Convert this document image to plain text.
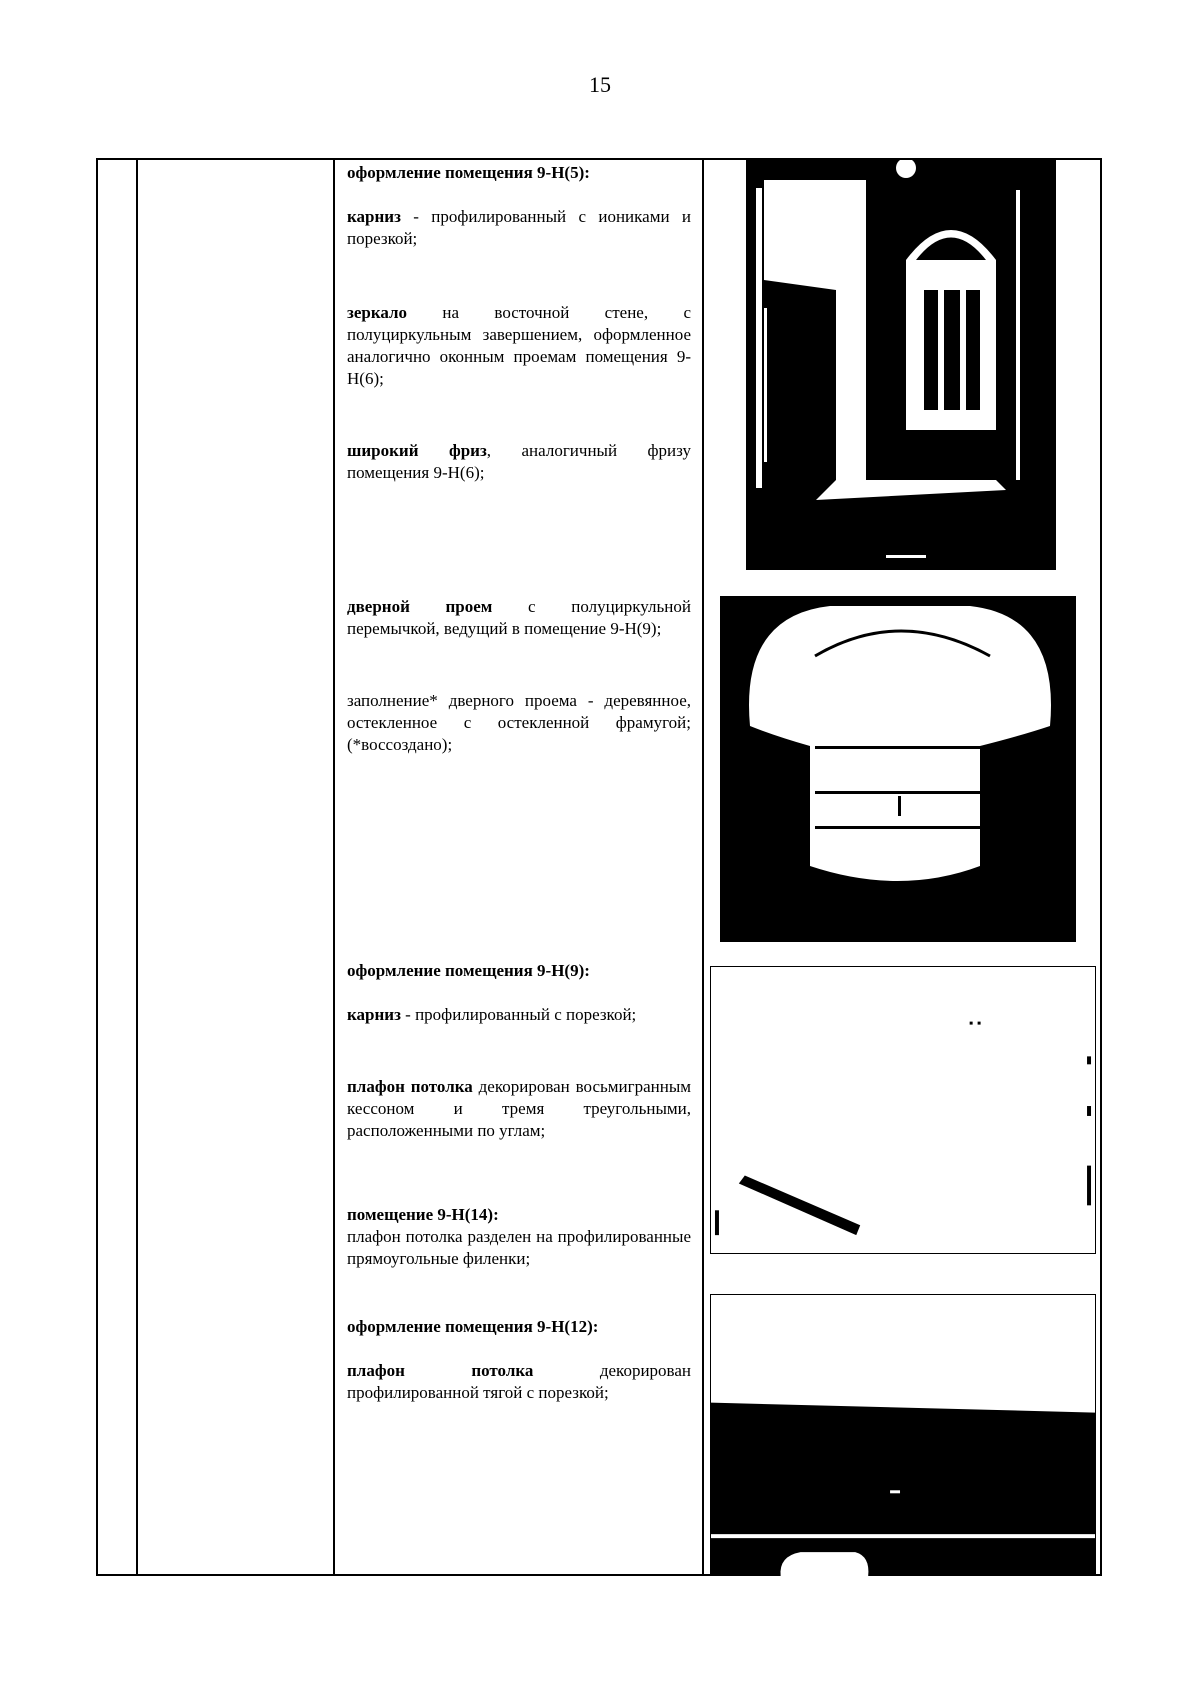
15

оформление помещения 9-Н(5):

карниз - профилированный с иониками и порезкой;

зеркало на восточной стене, с полуциркульным завершением, оформленное аналогично оконным проемам помещения 9-Н(6);

широкий фриз, аналогичный фризу помещения 9-Н(6);

дверной проем с полуциркульной перемычкой, ведущий в помещение 9-Н(9);

заполнение* дверного проема - деревянное, остекленное с остекленной фрамугой; (*воссоздано);

оформление помещения 9-Н(9):

карниз - профилированный с порезкой;

плафон потолка декорирован восьмигранным кессоном и тремя треугольными, расположенными по углам;

помещение 9-Н(14):
плафон потолка разделен на профилированные прямоугольные филенки;

оформление помещения 9-Н(12):

плафон потолка декорирован профилированной тягой с порезкой;
